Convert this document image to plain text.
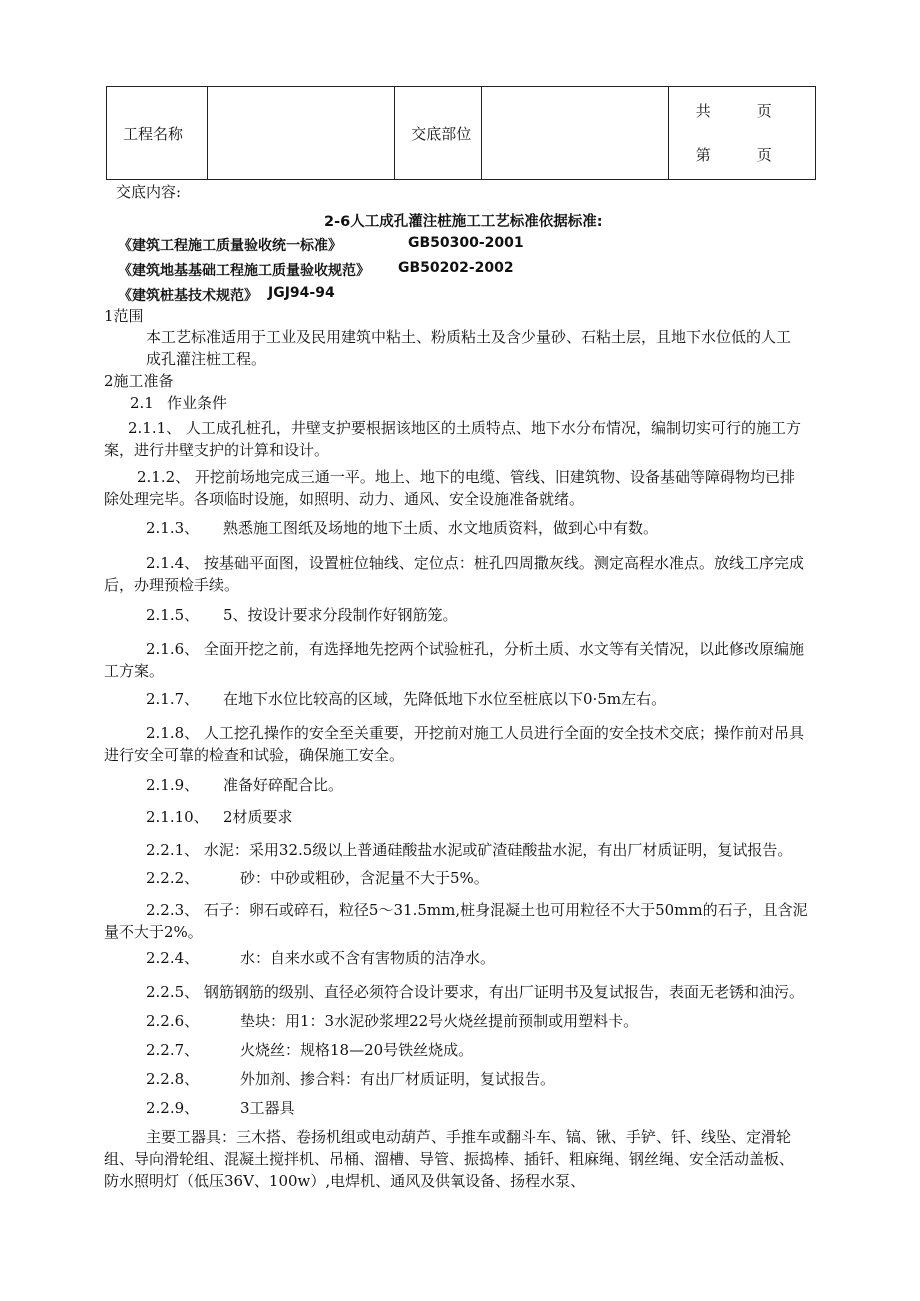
工程名称		交底部位		
共	页
第	页
交底内容:
2-6人工成孔灌注桩施工工艺标准依据标准:
《建筑工程施工质量验收统一标准》	GB50300-2001
《建筑地基基础工程施工质量验收规范》 GB50202-2002
《建筑桩基技术规范》 JGJ94-94
1范围
本工艺标准适用于工业及民用建筑中粘土、粉质粘土及含少量砂、石粘土层，且地下水位低的人工
成孔灌注桩工程。
2施工准备
2.1 作业条件
2.1.1、 人工成孔桩孔，井壁支护要根据该地区的土质特点、地下水分布情况，编制切实可行的施工方
案，进行井壁支护的计算和设计。
2.1.2、 开挖前场地完成三通一平。地上、地下的电缆、管线、旧建筑物、设备基础等障碍物均已排
除处理完毕。各项临时设施，如照明、动力、通风、安全设施准备就绪。
2.1.3、 熟悉施工图纸及场地的地下土质、水文地质资料，做到心中有数。
2.1.4、 按基础平面图，设置桩位轴线、定位点：桩孔四周撒灰线。测定高程水准点。放线工序完成
后，办理预检手续。
2.1.5、 5、按设计要求分段制作好钢筋笼。
2.1.6、 全面开挖之前，有选择地先挖两个试验桩孔，分析土质、水文等有关情况，以此修改原编施
工方案。
2.1.7、 在地下水位比较高的区域，先降低地下水位至桩底以下0·5m左右。
2.1.8、 人工挖孔操作的安全至关重要，开挖前对施工人员进行全面的安全技术交底；操作前对吊具
进行安全可靠的检查和试验，确保施工安全。
2.1.9、 准备好碎配合比。
2.1.10、 2材质要求
2.2.1、 水泥：采用32.5级以上普通硅酸盐水泥或矿渣硅酸盐水泥，有出厂材质证明，复试报告。
2.2.2、	砂：中砂或粗砂，含泥量不大于5%。
2.2.3、 石子：卵石或碎石，粒径5～31.5mm,桩身混凝土也可用粒径不大于50mm的石子，且含泥
量不大于2%。
2.2.4、	水：自来水或不含有害物质的洁净水。
2.2.5、 钢筋钢筋的级别、直径必须符合设计要求，有出厂证明书及复试报告，表面无老锈和油污。
2.2.6、	垫块：用1：3水泥砂浆埋22号火烧丝提前预制或用塑料卡。
2.2.7、	火烧丝：规格18—20号铁丝烧成。
2.2.8、	外加剂、掺合料：有出厂材质证明，复试报告。
2.2.9、	3工器具
主要工器具：三木搭、卷扬机组或电动葫芦、手推车或翻斗车、镐、锹、手铲、钎、线坠、定滑轮
组、导向滑轮组、混凝土搅拌机、吊桶、溜槽、导管、振捣棒、插钎、粗麻绳、钢丝绳、安全活动盖板、
防水照明灯（低压36V、100w）,电焊机、通风及供氧设备、扬程水泵、
